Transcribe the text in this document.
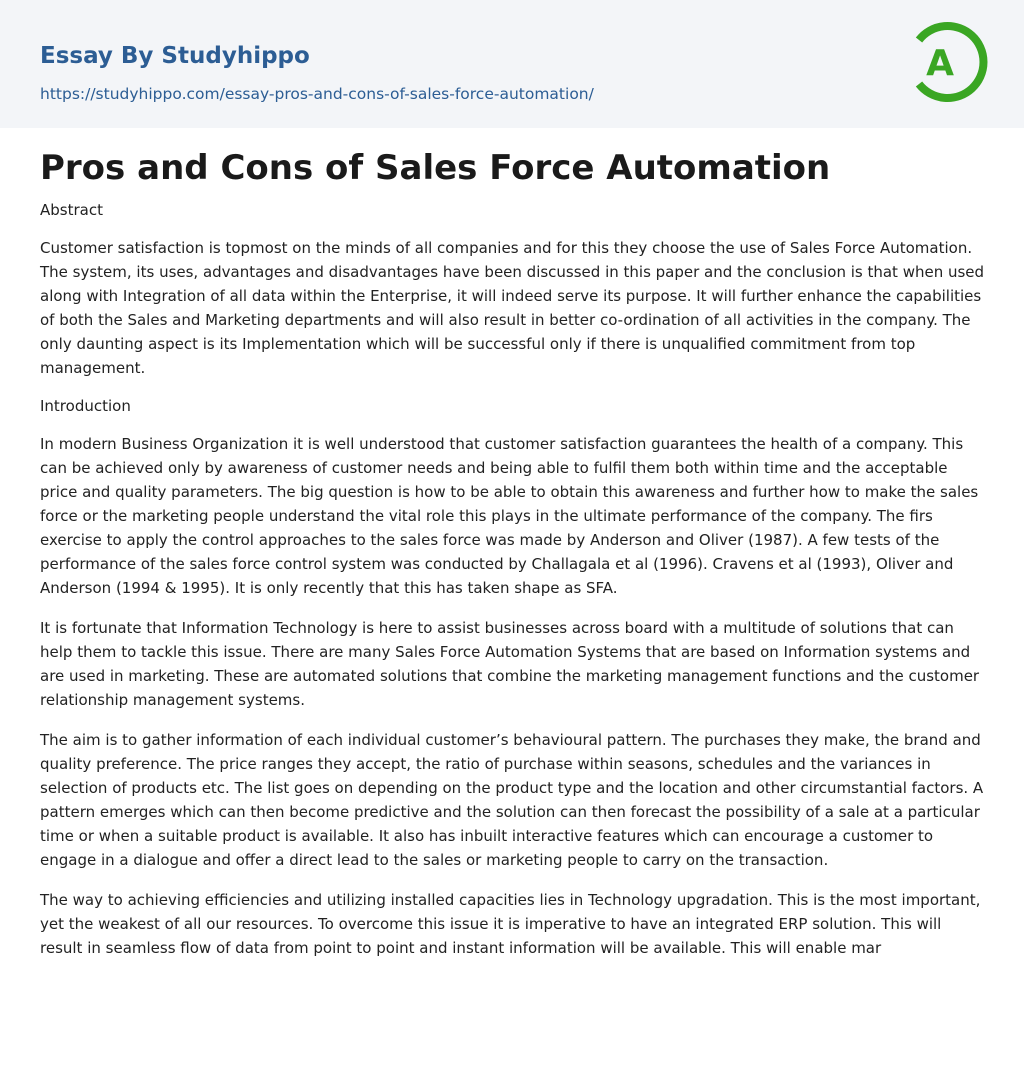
Essay By Studyhippo
https://studyhippo.com/essay-pros-and-cons-of-sales-force-automation/
A
Pros and Cons of Sales Force Automation
Abstract

Customer satisfaction is topmost on the minds of all companies and for this they choose the use of Sales Force Automation. The system, its uses, advantages and disadvantages have been discussed in this paper and the conclusion is that when used along with Integration of all data within the Enterprise, it will indeed serve its purpose. It will further enhance the capabilities of both the Sales and Marketing departments and will also result in better co-ordination of all activities in the company. The only daunting aspect is its Implementation which will be successful only if there is unqualified commitment from top management.

Introduction

In modern Business Organization it is well understood that customer satisfaction guarantees the health of a company. This can be achieved only by awareness of customer needs and being able to fulfil them both within time and the acceptable price and quality parameters. The big question is how to be able to obtain this awareness and further how to make the sales force or the marketing people understand the vital role this plays in the ultimate performance of the company. The firs exercise to apply the control approaches to the sales force was made by Anderson and Oliver (1987). A few tests of the performance of the sales force control system was conducted by Challagala et al (1996). Cravens et al (1993), Oliver and Anderson (1994 & 1995). It is only recently that this has taken shape as SFA.

It is fortunate that Information Technology is here to assist businesses across board with a multitude of solutions that can help them to tackle this issue. There are many Sales Force Automation Systems that are based on Information systems and are used in marketing. These are automated solutions that combine the marketing management functions and the customer relationship management systems.

The aim is to gather information of each individual customer’s behavioural pattern. The purchases they make, the brand and quality preference. The price ranges they accept, the ratio of purchase within seasons, schedules and the variances in selection of products etc. The list goes on depending on the product type and the location and other circumstantial factors. A pattern emerges which can then become predictive and the solution can then forecast the possibility of a sale at a particular time or when a suitable product is available. It also has inbuilt interactive features which can encourage a customer to engage in a dialogue and offer a direct lead to the sales or marketing people to carry on the transaction.

The way to achieving efficiencies and utilizing installed capacities lies in Technology upgradation. This is the most important, yet the weakest of all our resources. To overcome this issue it is imperative to have an integrated ERP solution. This will result in seamless flow of data from point to point and instant information will be available. This will enable mar
